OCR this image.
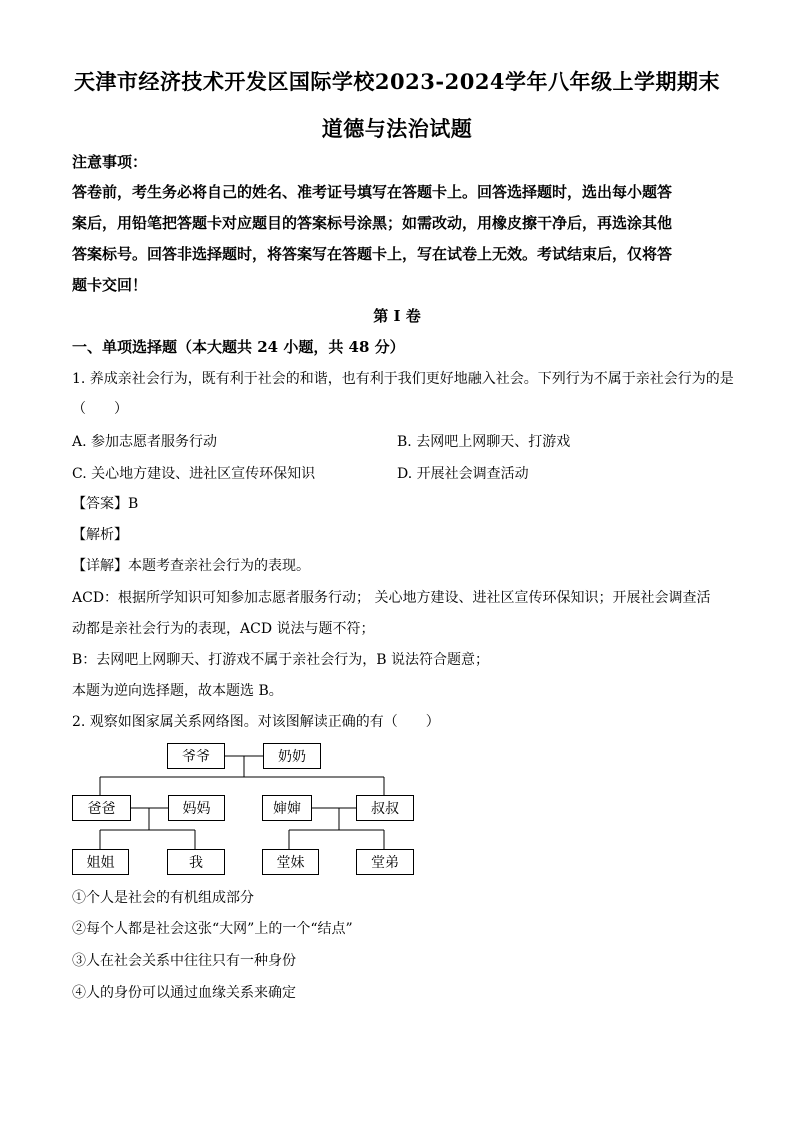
天津市经济技术开发区国际学校2023-2024学年八年级上学期期末
道德与法治试题
注意事项：
答卷前，考生务必将自己的姓名、准考证号填写在答题卡上。回答选择题时，选出每小题答
案后，用铅笔把答题卡对应题目的答案标号涂黑；如需改动，用橡皮擦干净后，再选涂其他
答案标号。回答非选择题时，将答案写在答题卡上，写在试卷上无效。考试结束后，仅将答
题卡交回！
第 I 卷
一、单项选择题（本大题共 24 小题，共 48 分）
1. 养成亲社会行为，既有利于社会的和谐，也有利于我们更好地融入社会。下列行为不属于亲社会行为的是
（　　）
A. 参加志愿者服务行动	B. 去网吧上网聊天、打游戏
C. 关心地方建设、进社区宣传环保知识	D. 开展社会调查活动
【答案】B
【解析】
【详解】本题考查亲社会行为的表现。
ACD：根据所学知识可知参加志愿者服务行动； 关心地方建设、进社区宣传环保知识；开展社会调查活
动都是亲社会行为的表现，ACD 说法与题不符；
B：去网吧上网聊天、打游戏不属于亲社会行为，B 说法符合题意；
本题为逆向选择题，故本题选 B。
2. 观察如图家属关系网络图。对该图解读正确的有（　　）
爷爷	奶奶
爸爸	妈妈	婶婶	叔叔
姐姐	我	堂妹	堂弟
①个人是社会的有机组成部分
②每个人都是社会这张“大网”上的一个“结点”
③人在社会关系中往往只有一种身份
④人的身份可以通过血缘关系来确定
